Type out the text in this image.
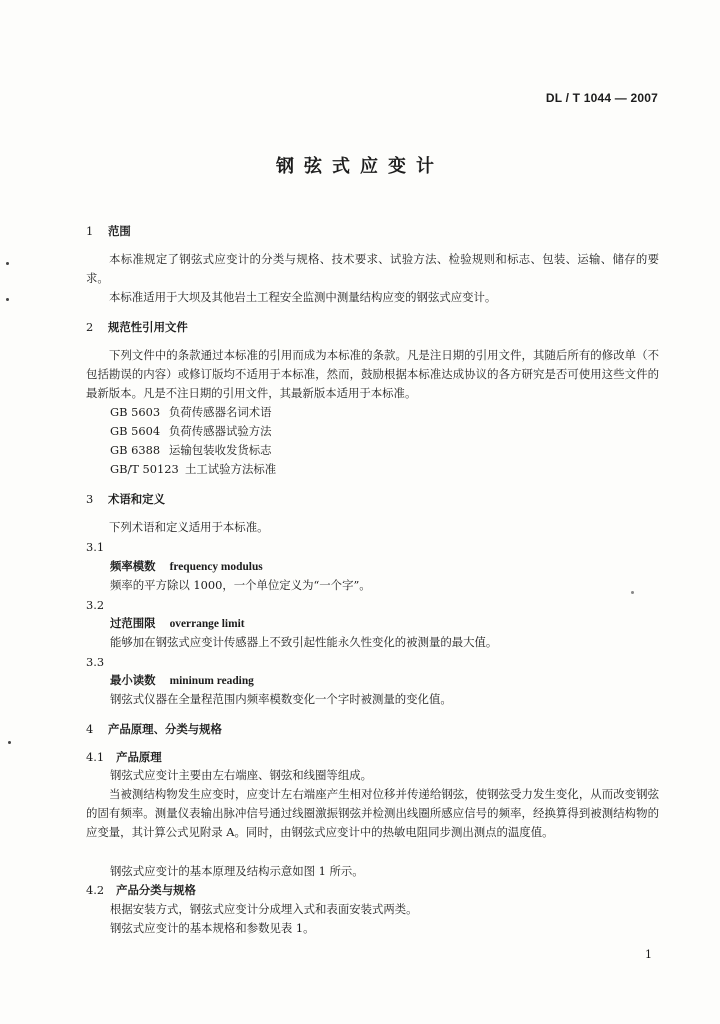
DL / T 1044 — 2007
钢弦式应变计
1 范围
本标准规定了钢弦式应变计的分类与规格、技术要求、试验方法、检验规则和标志、包装、运输、储存的要求。
本标准适用于大坝及其他岩土工程安全监测中测量结构应变的钢弦式应变计。
2 规范性引用文件
下列文件中的条款通过本标准的引用而成为本标准的条款。凡是注日期的引用文件，其随后所有的修改单（不包括勘误的内容）或修订版均不适用于本标准，然而，鼓励根据本标准达成协议的各方研究是否可使用这些文件的最新版本。凡是不注日期的引用文件，其最新版本适用于本标准。
GB 5603 负荷传感器名词术语
GB 5604 负荷传感器试验方法
GB 6388 运输包装收发货标志
GB/T 50123 土工试验方法标准
3 术语和定义
下列术语和定义适用于本标准。
3.1
频率模数 frequency modulus
频率的平方除以 1000，一个单位定义为“一个字”。
3.2
过范围限 overrange limit
能够加在钢弦式应变计传感器上不致引起性能永久性变化的被测量的最大值。
3.3
最小读数 mininum reading
钢弦式仪器在全量程范围内频率模数变化一个字时被测量的变化值。
4 产品原理、分类与规格
4.1 产品原理
钢弦式应变计主要由左右端座、钢弦和线圈等组成。
当被测结构物发生应变时，应变计左右端座产生相对位移并传递给钢弦，使钢弦受力发生变化，从而改变钢弦的固有频率。测量仪表输出脉冲信号通过线圈激振钢弦并检测出线圈所感应信号的频率，经换算得到被测结构物的应变量，其计算公式见附录 A。同时，由钢弦式应变计中的热敏电阻同步测出测点的温度值。
钢弦式应变计的基本原理及结构示意如图 1 所示。
4.2 产品分类与规格
根据安装方式，钢弦式应变计分成埋入式和表面安装式两类。
钢弦式应变计的基本规格和参数见表 1。
1
